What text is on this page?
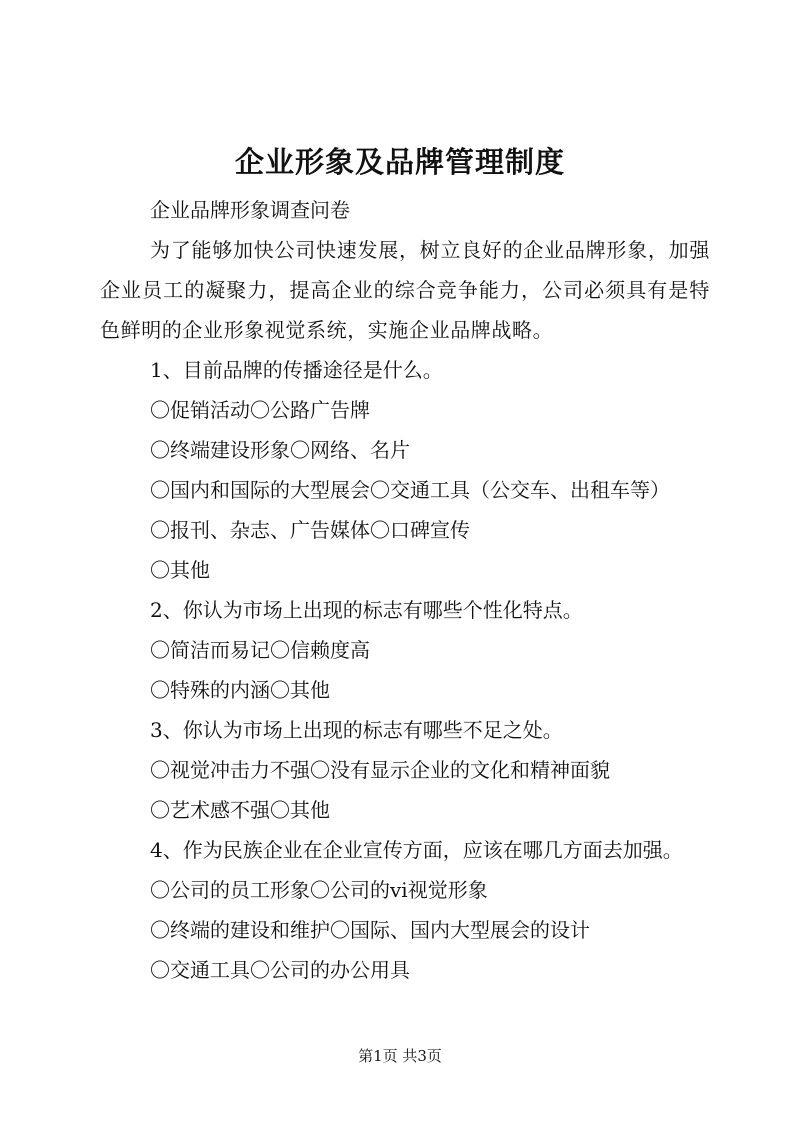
企业形象及品牌管理制度
企业品牌形象调查问卷
为了能够加快公司快速发展，树立良好的企业品牌形象，加强企业员工的凝聚力，提高企业的综合竞争能力，公司必须具有是特色鲜明的企业形象视觉系统，实施企业品牌战略。
1、目前品牌的传播途径是什么。
〇促销活动〇公路广告牌
〇终端建设形象〇网络、名片
〇国内和国际的大型展会〇交通工具（公交车、出租车等）
〇报刊、杂志、广告媒体〇口碑宣传
〇其他
2、你认为市场上出现的标志有哪些个性化特点。
〇简洁而易记〇信赖度高
〇特殊的内涵〇其他
3、你认为市场上出现的标志有哪些不足之处。
〇视觉冲击力不强〇没有显示企业的文化和精神面貌
〇艺术感不强〇其他
4、作为民族企业在企业宣传方面，应该在哪几方面去加强。
〇公司的员工形象〇公司的vi视觉形象
〇终端的建设和维护〇国际、国内大型展会的设计
〇交通工具〇公司的办公用具
第1页 共3页
